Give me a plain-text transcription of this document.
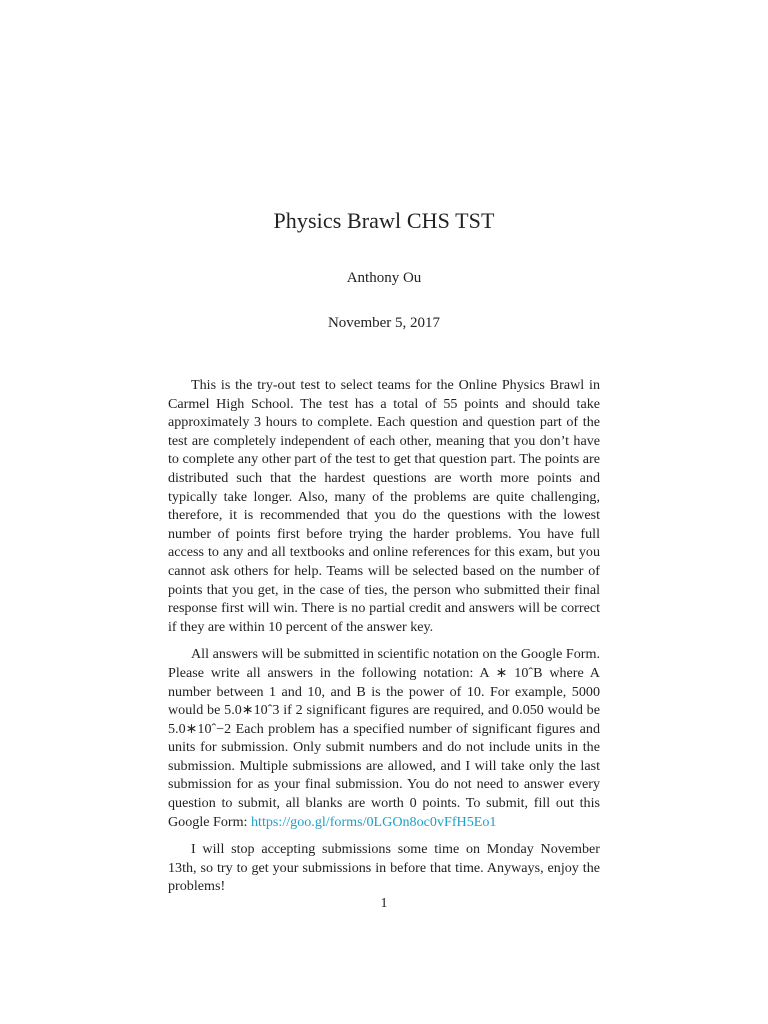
Physics Brawl CHS TST
Anthony Ou
November 5, 2017

This is the try-out test to select teams for the Online Physics Brawl in Carmel High School. The test has a total of 55 points and should take approximately 3 hours to complete. Each question and question part of the test are completely independent of each other, meaning that you don’t have to complete any other part of the test to get that question part. The points are distributed such that the hardest questions are worth more points and typically take longer. Also, many of the problems are quite challenging, therefore, it is recommended that you do the questions with the lowest number of points first before trying the harder problems. You have full access to any and all textbooks and online references for this exam, but you cannot ask others for help. Teams will be selected based on the number of points that you get, in the case of ties, the person who submitted their final response first will win. There is no partial credit and answers will be correct if they are within 10 percent of the answer key.

All answers will be submitted in scientific notation on the Google Form. Please write all answers in the following notation: A ∗ 10ˆB where A number between 1 and 10, and B is the power of 10. For example, 5000 would be 5.0∗10ˆ3 if 2 significant figures are required, and 0.050 would be 5.0∗10ˆ−2 Each problem has a specified number of significant figures and units for submission. Only submit numbers and do not include units in the submission. Multiple submissions are allowed, and I will take only the last submission for as your final submission. You do not need to answer every question to submit, all blanks are worth 0 points. To submit, fill out this Google Form: https://goo.gl/forms/0LGOn8oc0vFfH5Eo1

I will stop accepting submissions some time on Monday November 13th, so try to get your submissions in before that time. Anyways, enjoy the problems!

1
